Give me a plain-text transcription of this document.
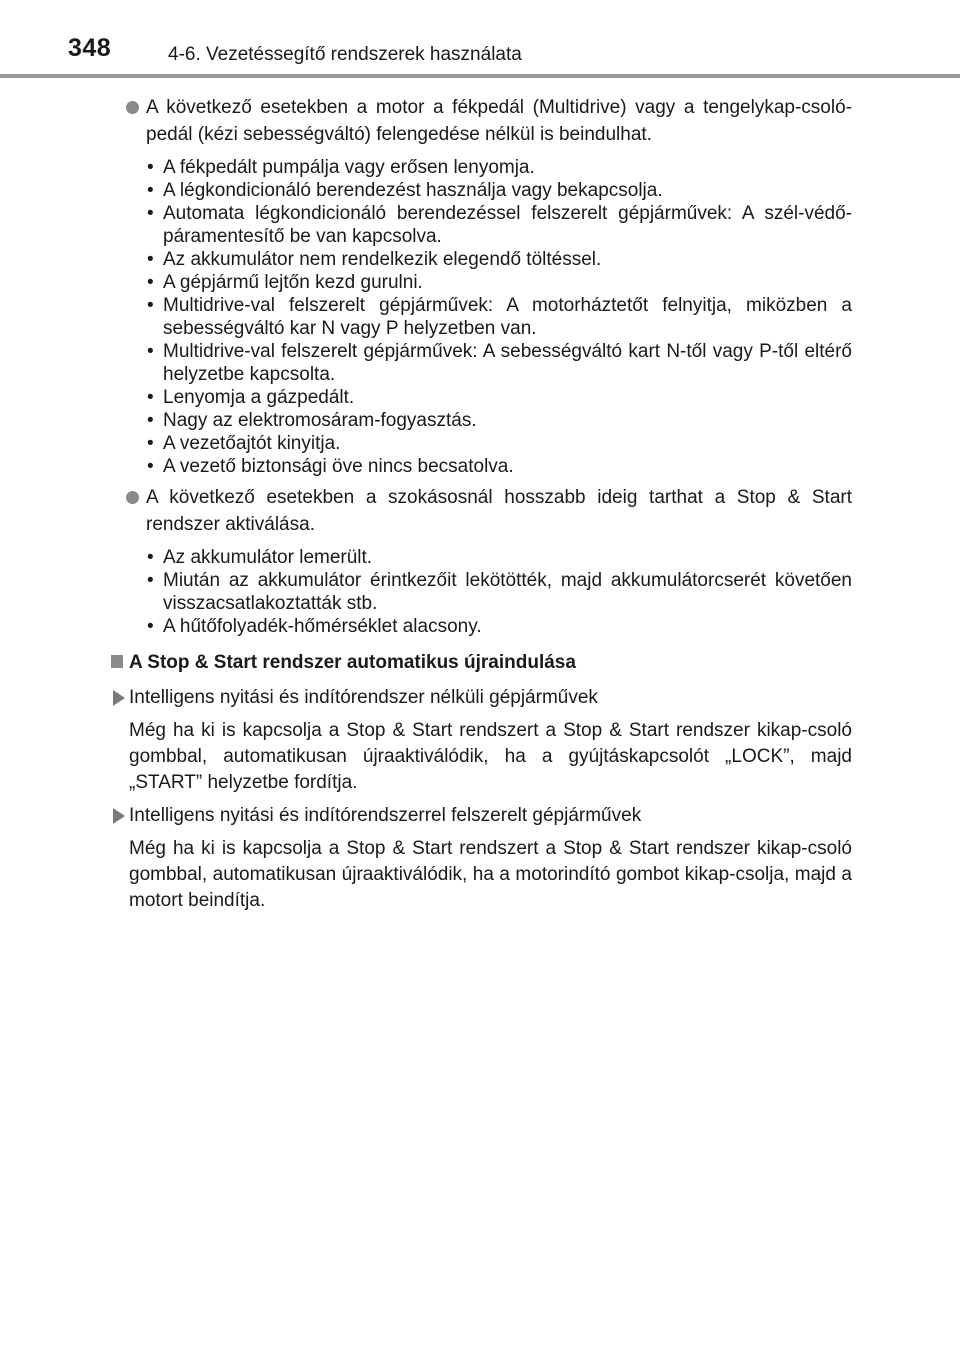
348	4-6. Vezetéssegítő rendszerek használata
A következő esetekben a motor a fékpedál (Multidrive) vagy a tengelykap-csoló-pedál (kézi sebességváltó) felengedése nélkül is beindulhat.
• A fékpedált pumpálja vagy erősen lenyomja.
• A légkondicionáló berendezést használja vagy bekapcsolja.
• Automata légkondicionáló berendezéssel felszerelt gépjárművek: A szél-védő-páramentesítő be van kapcsolva.
• Az akkumulátor nem rendelkezik elegendő töltéssel.
• A gépjármű lejtőn kezd gurulni.
• Multidrive-val felszerelt gépjárművek: A motorháztetőt felnyitja, miközben a sebességváltó kar N vagy P helyzetben van.
• Multidrive-val felszerelt gépjárművek: A sebességváltó kart N-től vagy P-től eltérő helyzetbe kapcsolta.
• Lenyomja a gázpedált.
• Nagy az elektromosáram-fogyasztás.
• A vezetőajtót kinyitja.
• A vezető biztonsági öve nincs becsatolva.
A következő esetekben a szokásosnál hosszabb ideig tarthat a Stop & Start rendszer aktiválása.
• Az akkumulátor lemerült.
• Miután az akkumulátor érintkezőit lekötötték, majd akkumulátorcserét követően visszacsatlakoztatták stb.
• A hűtőfolyadék-hőmérséklet alacsony.
A Stop & Start rendszer automatikus újraindulása
Intelligens nyitási és indítórendszer nélküli gépjárművek
Még ha ki is kapcsolja a Stop & Start rendszert a Stop & Start rendszer kikap-csoló gombbal, automatikusan újraaktiválódik, ha a gyújtáskapcsolót „LOCK”, majd „START” helyzetbe fordítja.
Intelligens nyitási és indítórendszerrel felszerelt gépjárművek
Még ha ki is kapcsolja a Stop & Start rendszert a Stop & Start rendszer kikap-csoló gombbal, automatikusan újraaktiválódik, ha a motorindító gombot kikap-csolja, majd a motort beindítja.
